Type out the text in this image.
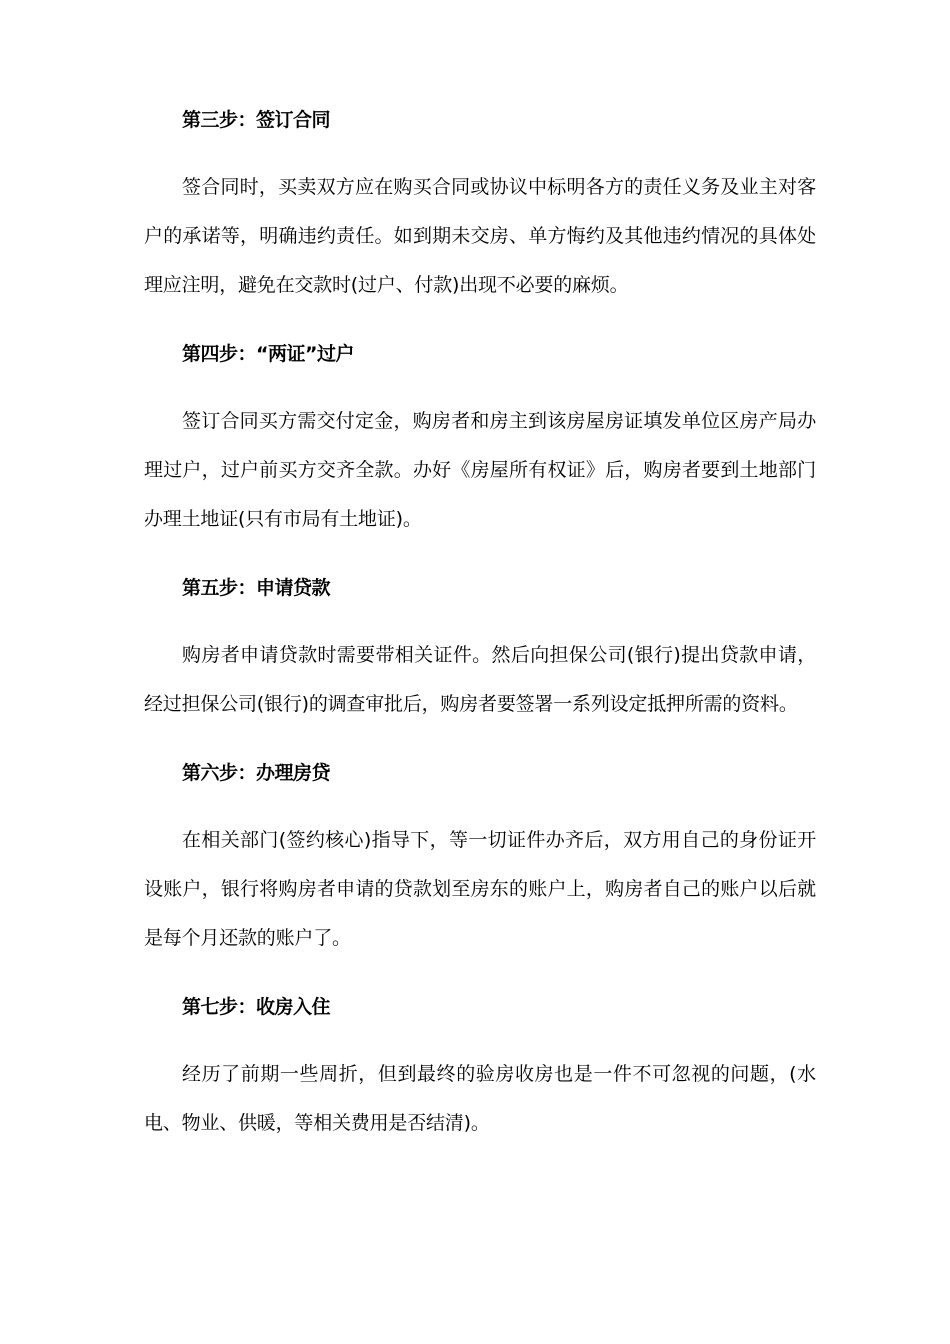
第三步：签订合同

签合同时，买卖双方应在购买合同或协议中标明各方的责任义务及业主对客户的承诺等，明确违约责任。如到期未交房、单方悔约及其他违约情况的具体处理应注明，避免在交款时(过户、付款)出现不必要的麻烦。

第四步：“两证”过户

签订合同买方需交付定金，购房者和房主到该房屋房证填发单位区房产局办理过户，过户前买方交齐全款。办好《房屋所有权证》后，购房者要到土地部门办理土地证(只有市局有土地证)。

第五步：申请贷款

购房者申请贷款时需要带相关证件。然后向担保公司(银行)提出贷款申请，经过担保公司(银行)的调查审批后，购房者要签署一系列设定抵押所需的资料。

第六步：办理房贷

在相关部门(签约核心)指导下，等一切证件办齐后，双方用自己的身份证开设账户，银行将购房者申请的贷款划至房东的账户上，购房者自己的账户以后就是每个月还款的账户了。

第七步：收房入住

经历了前期一些周折，但到最终的验房收房也是一件不可忽视的问题，(水电、物业、供暖，等相关费用是否结清)。
